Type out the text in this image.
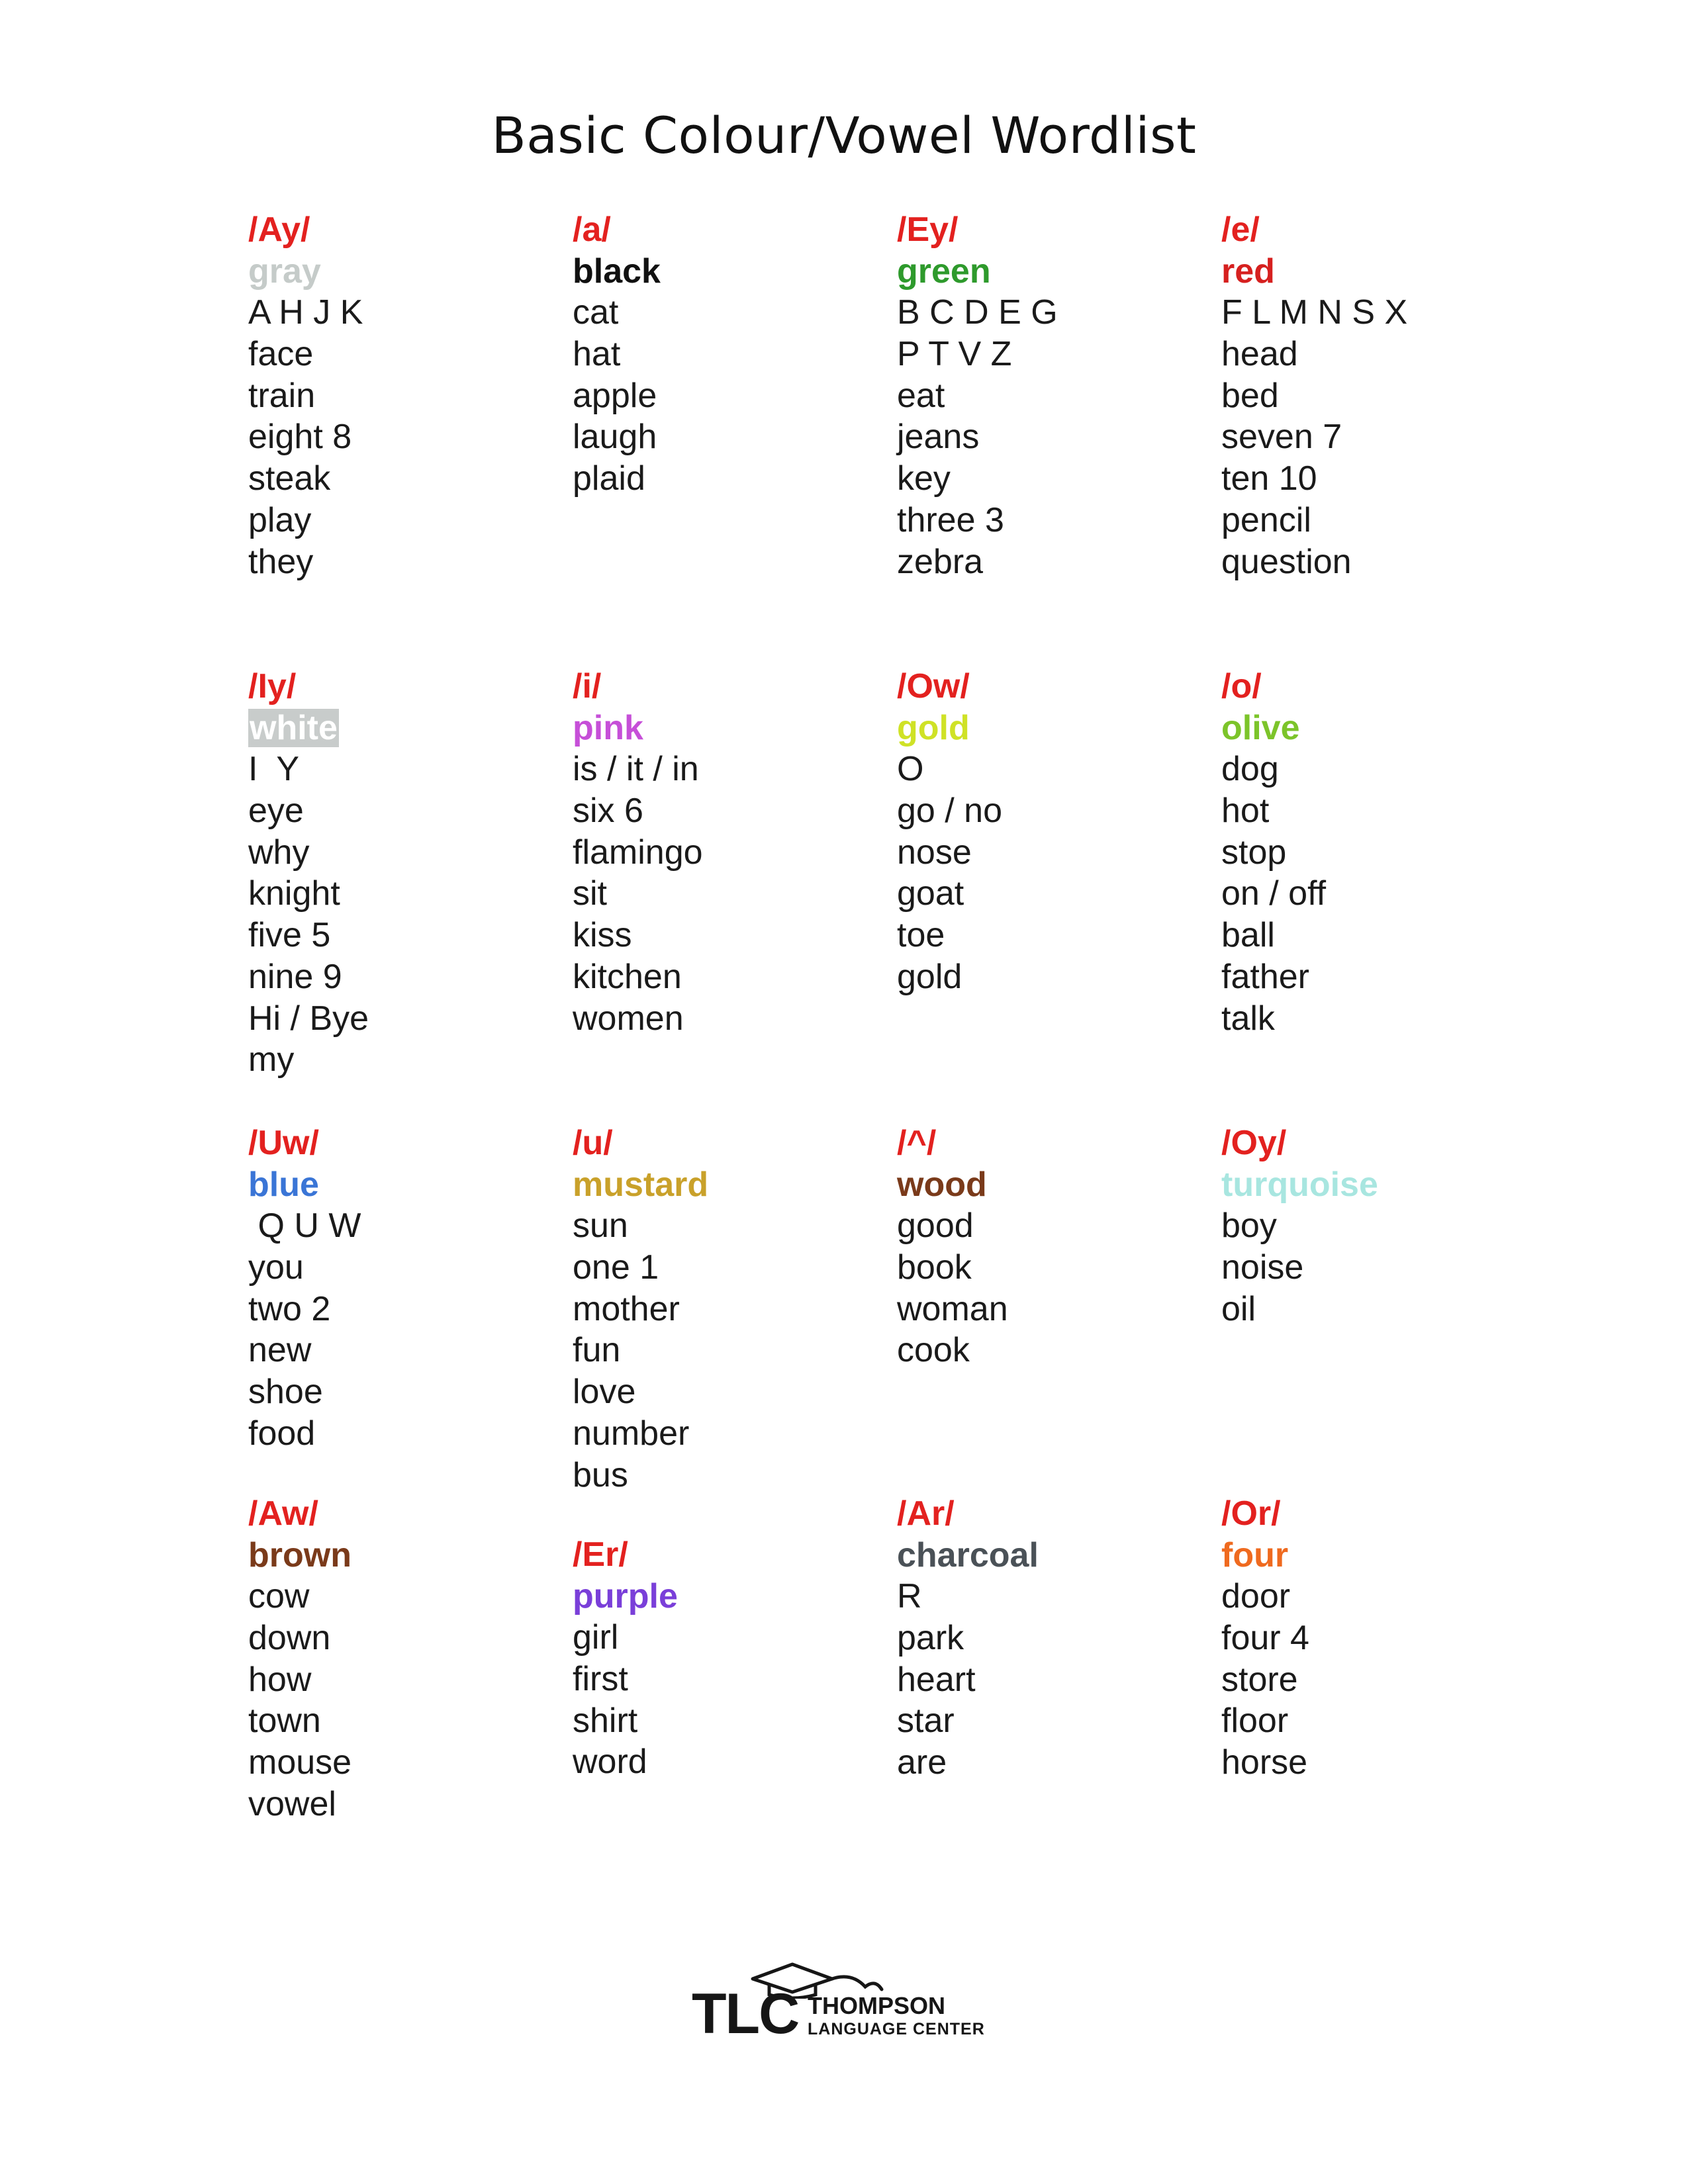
Basic Colour/Vowel Wordlist
/Ay/
gray
A H J K
face
train
eight 8
steak
play
they
/a/
black
cat
hat
apple
laugh
plaid
/Ey/
green
B C D E G
P T V Z
eat
jeans
key
three 3
zebra
/e/
red
F L M N S X
head
bed
seven 7
ten 10
pencil
question
/Iy/
white
I  Y
eye
why
knight
five 5
nine 9
Hi / Bye
my
/i/
pink
is / it / in
six 6
flamingo
sit
kiss
kitchen
women
/Ow/
gold
O
go / no
nose
goat
toe
gold
/o/
olive
dog
hot
stop
on / off
ball
father
talk
/Uw/
blue
Q U W
you
two 2
new
shoe
food
/u/
mustard
sun
one 1
mother
fun
love
number
bus
/^/
wood
good
book
woman
cook
/Oy/
turquoise
boy
noise
oil
/Aw/
brown
cow
down
how
town
mouse
vowel
/Er/
purple
girl
first
shirt
word
/Ar/
charcoal
R
park
heart
star
are
/Or/
four
door
four 4
store
floor
horse
TLC THOMPSON
LANGUAGE CENTER
